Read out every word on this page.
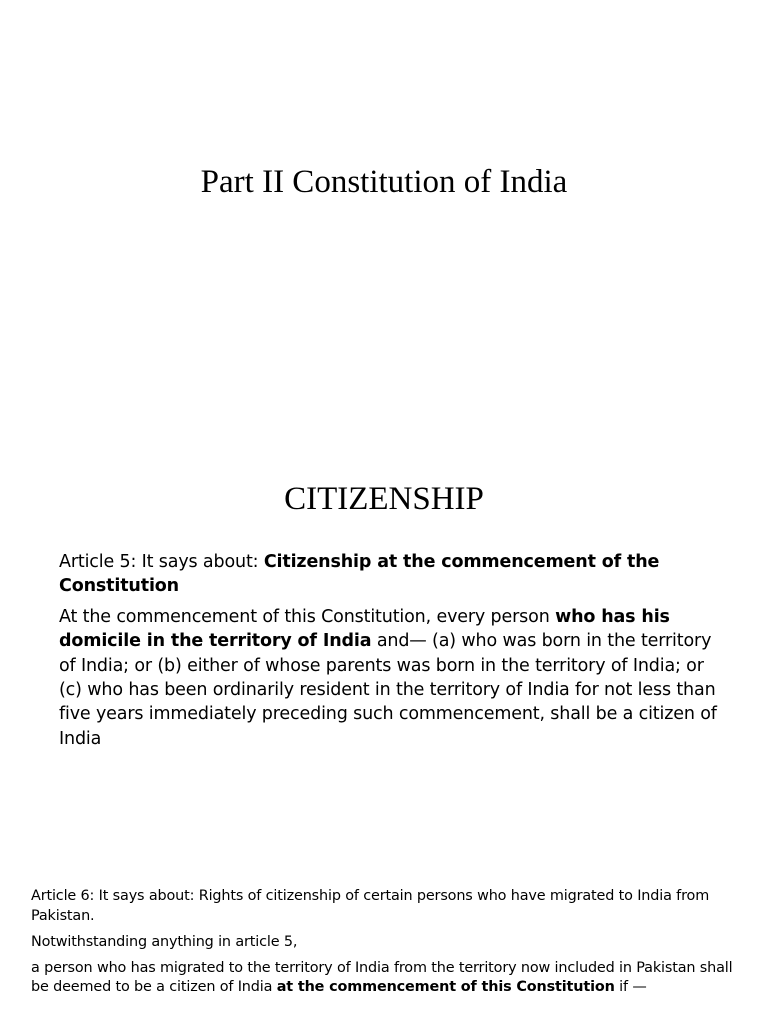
Part II Constitution of India
CITIZENSHIP

Article 5: It says about: Citizenship at the commencement of the Constitution

At the commencement of this Constitution, every person who has his domicile in the territory of India and— (a) who was born in the territory of India; or (b) either of whose parents was born in the territory of India; or (c) who has been ordinarily resident in the territory of India for not less than five years immediately preceding such commencement, shall be a citizen of India

Article 6: It says about: Rights of citizenship of certain persons who have migrated to India from Pakistan.

Notwithstanding anything in article 5,

a person who has migrated to the territory of India from the territory now included in Pakistan shall be deemed to be a citizen of India at the commencement of this Constitution if —
